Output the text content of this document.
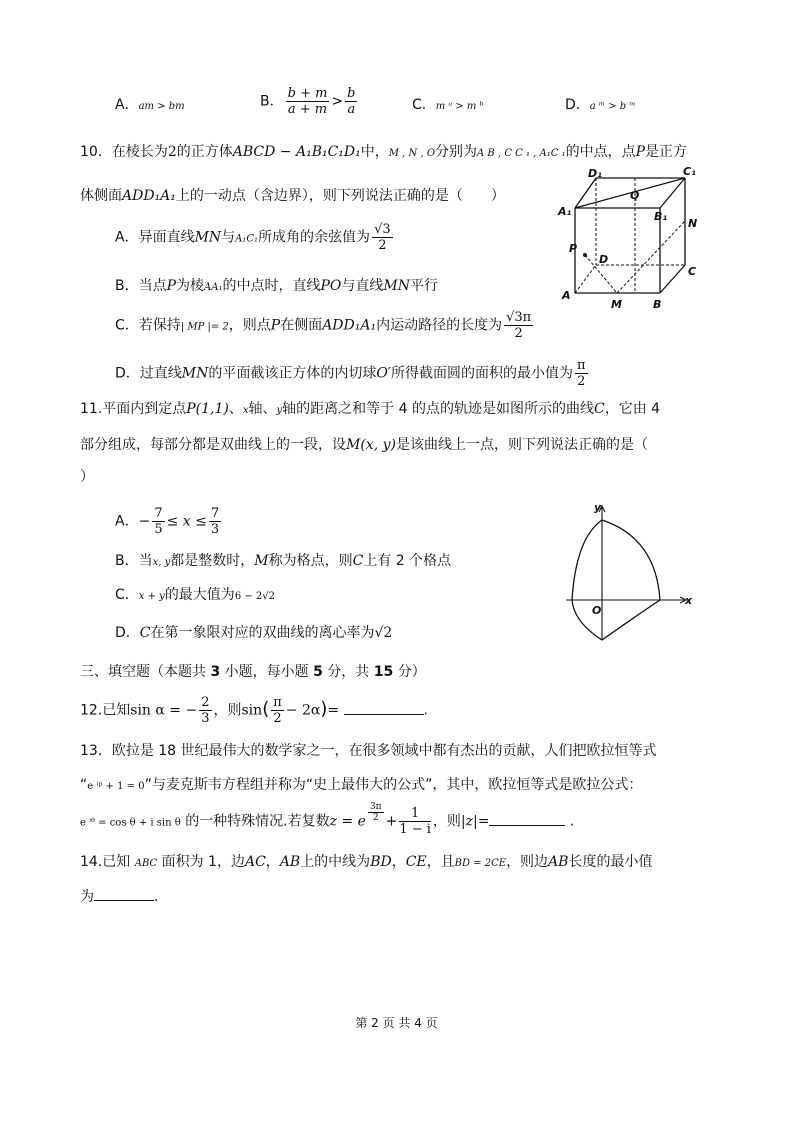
A．am > bm	B． $\frac{b + m}{a + m} > \frac{b}{a}$	C．m ᵃ > m ᵇ	D．a ᵐ > b ᵐ
10．在棱长为2的正方体ABCD − A₁B₁C₁D₁中，M , N , O分别为A B , C C ₁ , A₁C ₁的中点，点P是正方
体侧面ADD₁A₁上的一动点（含边界），则下列说法正确的是（　　）
A．异面直线MN与A₁C₁所成角的余弦值为 $\frac{√3}{2}$
B．当点P为棱AA₁的中点时，直线PO与直线MN平行
C．若保持| MP |= 2，则点P在侧面ADD₁A₁内运动路径的长度为 $\frac{√3\pi}{2}$
D．过直线MN的平面截该正方体的内切球O′所得截面圆的面积的最小值为 $\frac{\pi}{2}$
D₁
Q
C₁
A₁	B₁
N
P
D
C
A
M	B
11.平面内到定点P(1,1)、x轴、y轴的距离之和等于 4 的点的轨迹是如图所示的曲线C，它由 4
部分组成，每部分都是双曲线上的一段，设M(x, y)是该曲线上一点，则下列说法正确的是（
）
A．− $\frac{7}{5} \le x \le \frac{7}{3}$
B．当x, y都是整数时，M称为格点，则C上有 2 个格点
C．x + y的最大值为6 − 2√2
D．C在第一象限对应的双曲线的离心率为√2
y
x
O
三、填空题（本题共 3 小题，每小题 5 分，共 15 分）
12.已知sin α = − $\frac{2}{3}$ ，则$\sin( \frac{\pi}{2} - 2\alpha)=$	.
13．欧拉是 18 世纪最伟大的数学家之一，在很多领域中都有杰出的贡献，人们把欧拉恒等式
“e ⁱᵖ + 1 = 0”与麦克斯韦方程组并称为“史上最伟大的公式”，其中，欧拉恒等式是欧拉公式：
e ⁱᶿ = cos θ + i sin θ 的一种特殊情况.若复数z = e $\frac{3\pi}{2} + \frac{1}{1 - i}$ ，则|z|=	.
14.已知 ABC 面积为 1，边AC，AB上的中线为BD，CE，且BD = 2CE，则边AB长度的最小值
为	.
第 2 页 共 4 页
